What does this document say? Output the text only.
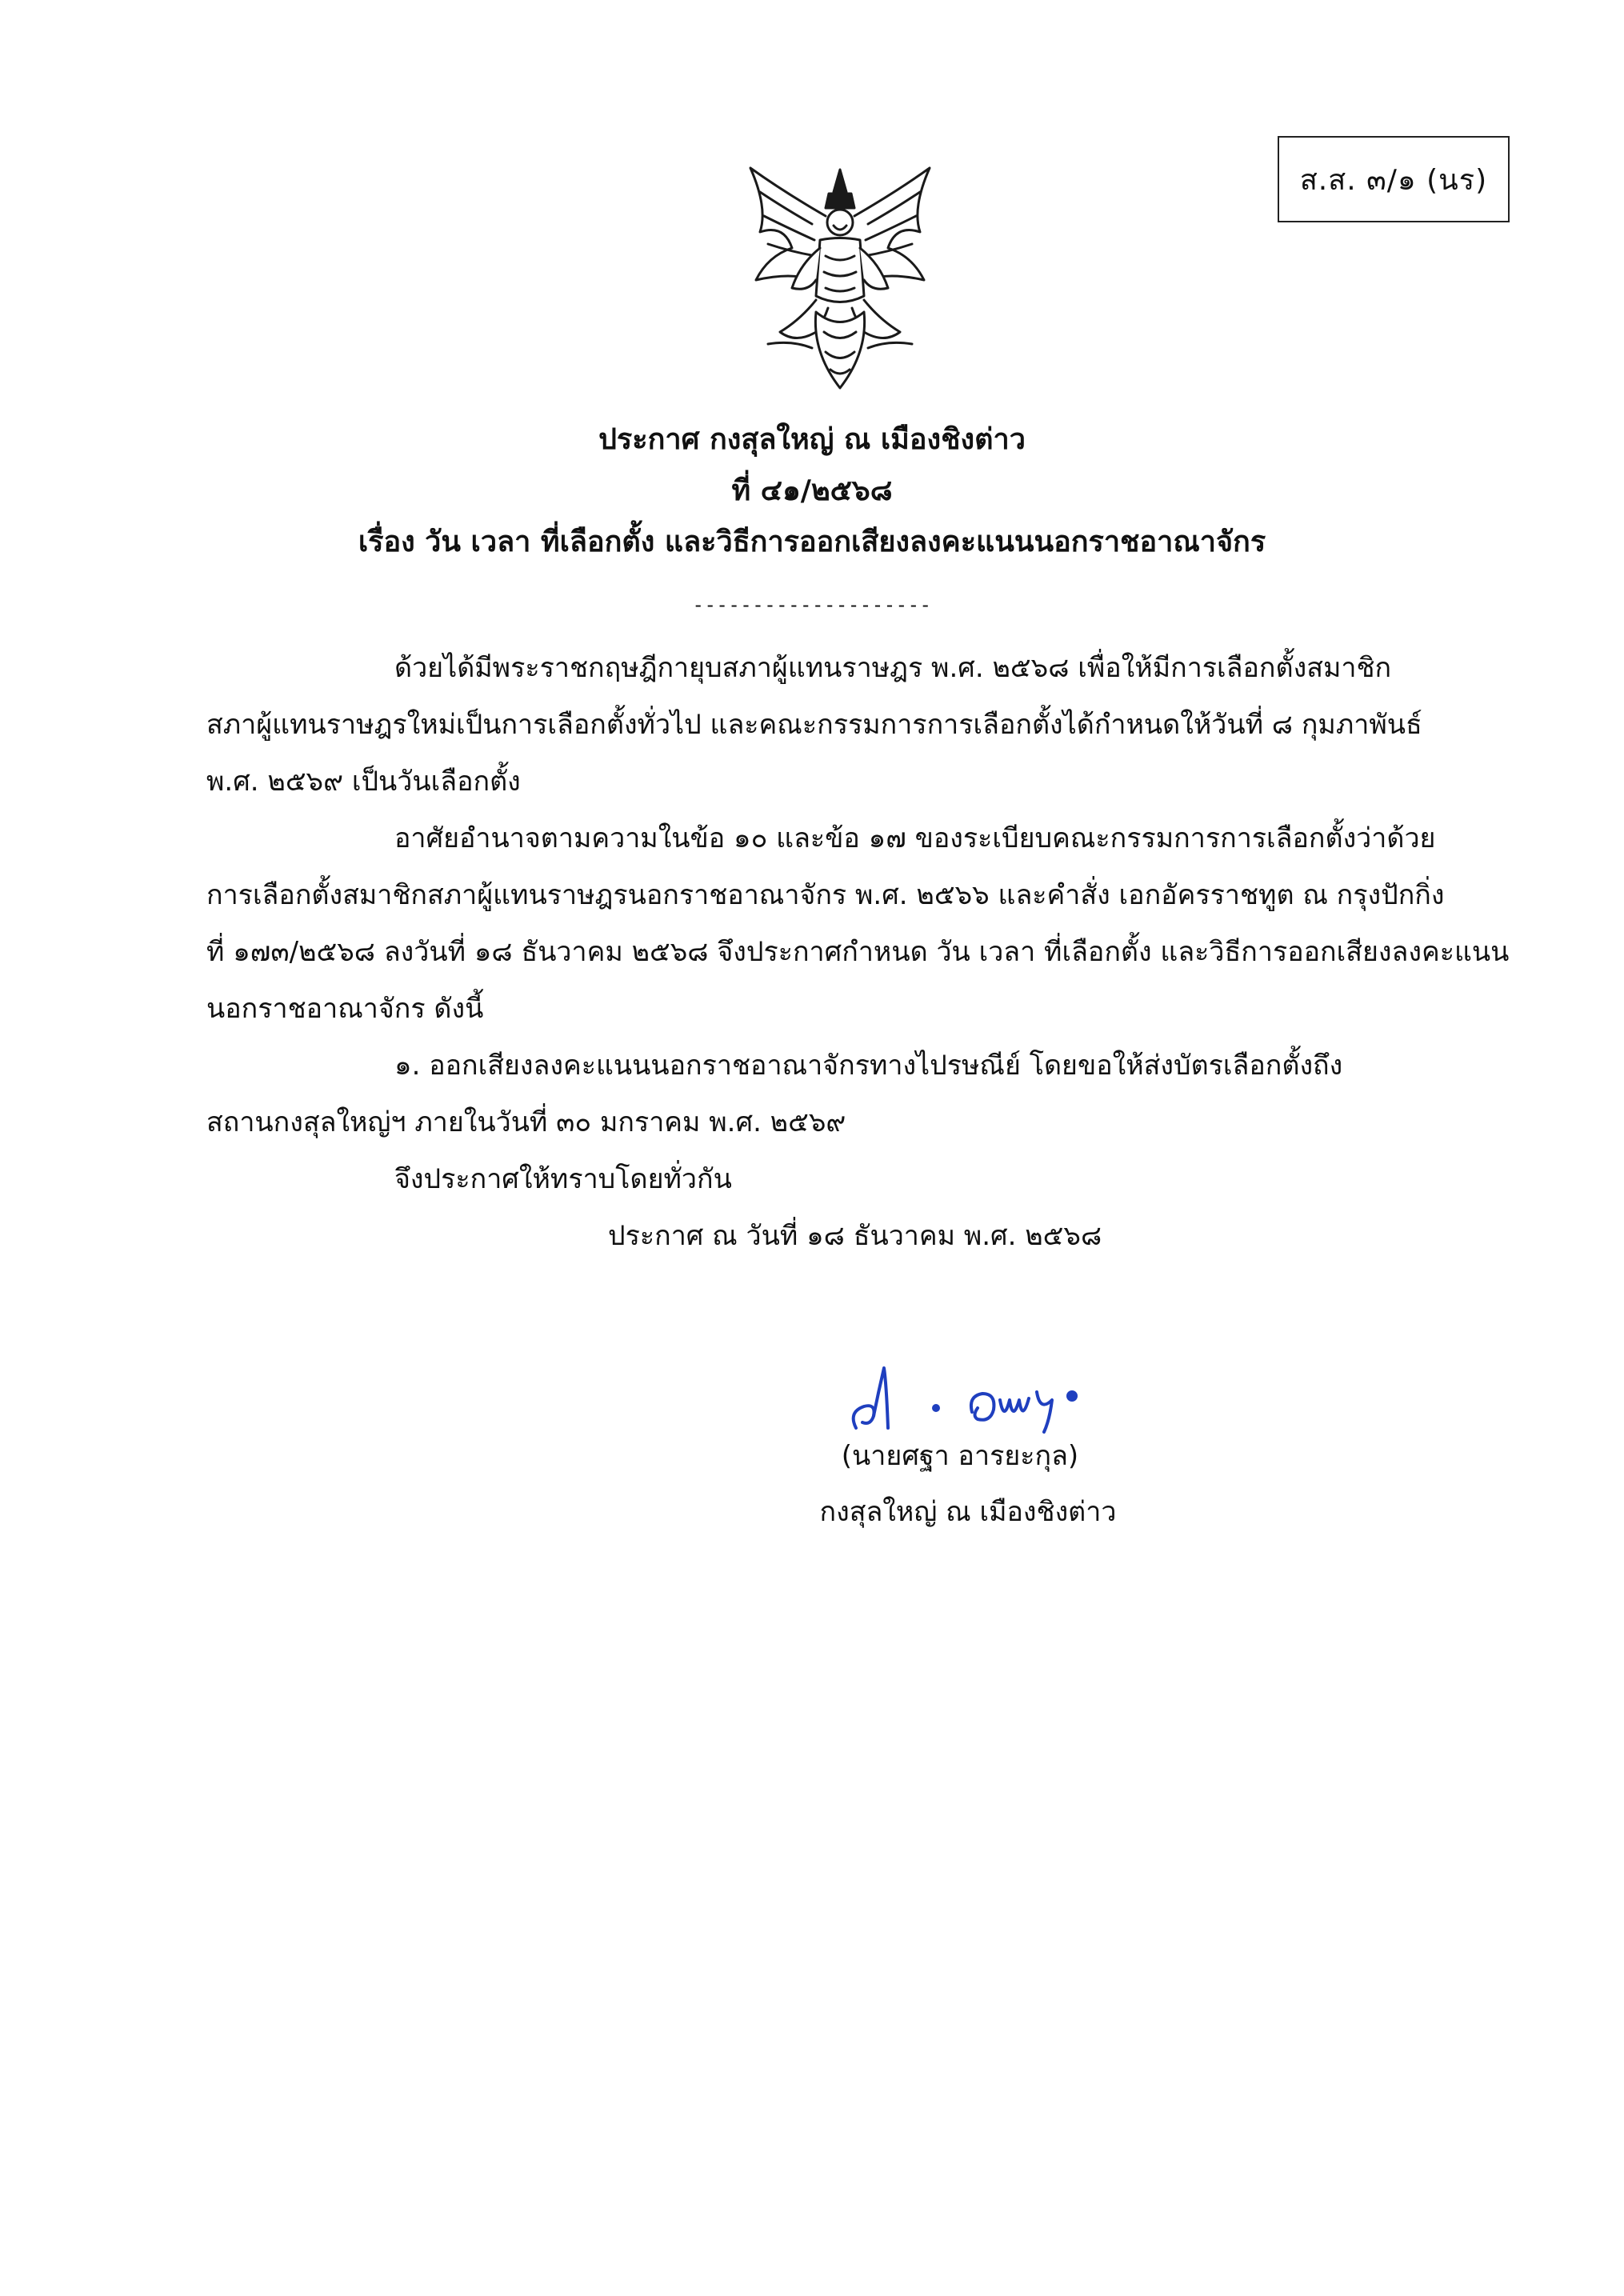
ส.ส. ๓/๑ (นร)
ประกาศ กงสุลใหญ่ ณ เมืองชิงต่าว
ที่ ๔๑/๒๕๖๘
เรื่อง วัน เวลา ที่เลือกตั้ง และวิธีการออกเสียงลงคะแนนนอกราชอาณาจักร
--------------------

ด้วยได้มีพระราชกฤษฎีกายุบสภาผู้แทนราษฎร พ.ศ. ๒๕๖๘ เพื่อให้มีการเลือกตั้งสมาชิก
สภาผู้แทนราษฎรใหม่เป็นการเลือกตั้งทั่วไป และคณะกรรมการการเลือกตั้งได้กำหนดให้วันที่ ๘ กุมภาพันธ์
พ.ศ. ๒๕๖๙ เป็นวันเลือกตั้ง

อาศัยอำนาจตามความในข้อ ๑๐ และข้อ ๑๗ ของระเบียบคณะกรรมการการเลือกตั้งว่าด้วย
การเลือกตั้งสมาชิกสภาผู้แทนราษฎรนอกราชอาณาจักร พ.ศ. ๒๕๖๖ และคำสั่ง เอกอัครราชทูต ณ กรุงปักกิ่ง
ที่ ๑๗๓/๒๕๖๘ ลงวันที่ ๑๘ ธันวาคม ๒๕๖๘ จึงประกาศกำหนด วัน เวลา ที่เลือกตั้ง และวิธีการออกเสียงลงคะแนน
นอกราชอาณาจักร ดังนี้

๑. ออกเสียงลงคะแนนนอกราชอาณาจักรทางไปรษณีย์ โดยขอให้ส่งบัตรเลือกตั้งถึง
สถานกงสุลใหญ่ฯ ภายในวันที่ ๓๐ มกราคม พ.ศ. ๒๕๖๙

จึงประกาศให้ทราบโดยทั่วกัน
ประกาศ ณ วันที่ ๑๘ ธันวาคม พ.ศ. ๒๕๖๘
(นายศฐา อารยะกุล)
กงสุลใหญ่ ณ เมืองชิงต่าว
